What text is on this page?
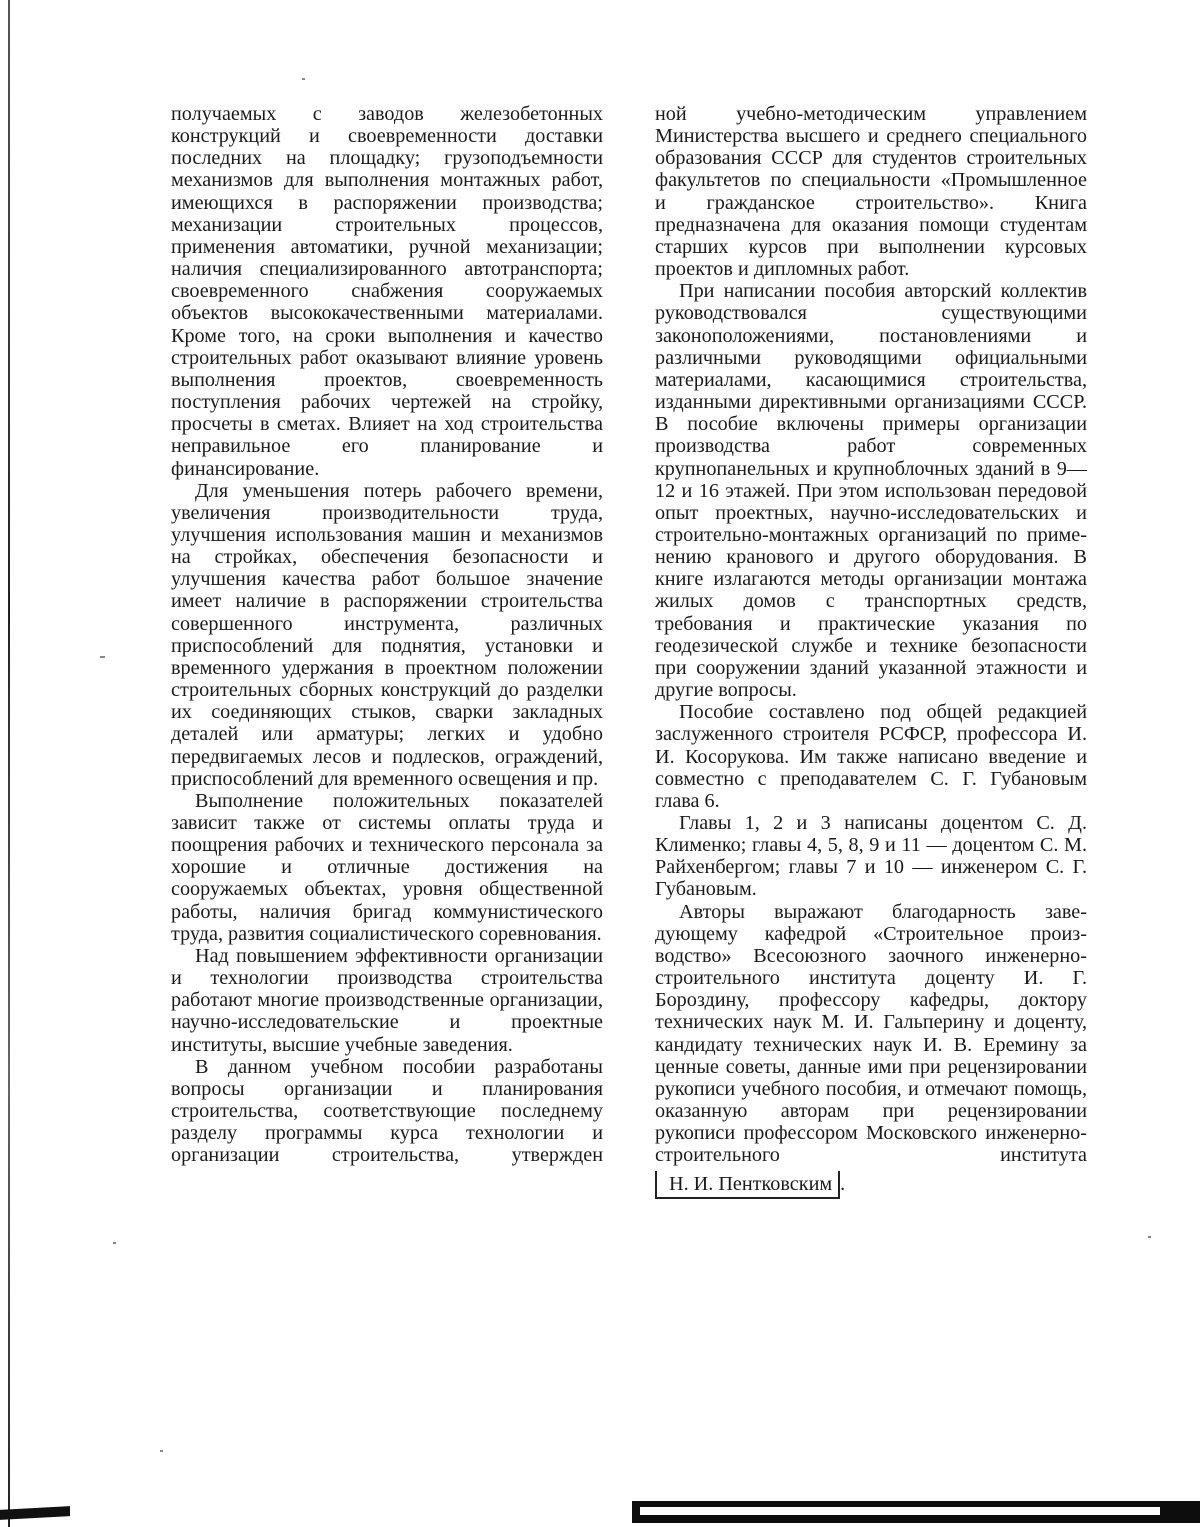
получаемых с заводов железобетонных конструкций и своевременности доставки последних на площадку; грузоподъемности механизмов для выполнения монтажных работ, имеющихся в распоряжении производства; механизации строительных процессов, применения автоматики, ручной механизации; наличия специализированного автотранспорта; своевременного снабжения сооружаемых объектов высококачественными материалами. Кроме того, на сроки выполнения и качество строительных работ оказывают влияние уровень выполнения проектов, своевременность поступления рабочих чертежей на стройку, просчеты в сметах. Влияет на ход строительства неправильное его планирование и финансирование.

Для уменьшения потерь рабочего времени, увеличения производительности труда, улучшения использования машин и механизмов на стройках, обеспечения безопасности и улучшения качества работ большое значение имеет наличие в распоряжении строительства совершенного инструмента, различных приспособлений для поднятия, установки и временного удержания в проектном положении строительных сборных конструкций до разделки их соединяющих стыков, сварки закладных деталей или арматуры; легких и удобно передвигаемых лесов и подлесков, ограждений, приспособлений для временного освещения и пр.

Выполнение положительных показателей зависит также от системы оплаты труда и поощрения рабочих и технического персонала за хорошие и отличные достижения на сооружаемых объектах, уровня общественной работы, наличия бригад коммунистического труда, развития социалистического соревнования.

Над повышением эффективности организации и технологии производства строительства работают многие производственные организации, научно-исследовательские и проектные институты, высшие учебные заведения.

В данном учебном пособии разработаны вопросы организации и планирования строительства, соответствующие последнему разделу программы курса технологии и организации строительства, утвержден

ной учебно-методическим управлением Министерства высшего и среднего специального образования СССР для студентов строительных факультетов по специальности «Промышленное и гражданское строительство». Книга предназначена для оказания помощи студентам старших курсов при выполнении курсовых проектов и дипломных работ.

При написании пособия авторский коллектив руководствовался существующими законоположениями, постановлениями и различными руководящими официальными материалами, касающимися строительства, изданными директивными организациями СССР. В пособие включены примеры организации производства работ современных крупнопанельных и крупноблочных зданий в 9—12 и 16 этажей. При этом использован передовой опыт проектных, научно-исследовательских и строительно-монтажных организаций по применению кранового и другого оборудования. В книге излагаются методы организации монтажа жилых домов с транспортных средств, требования и практические указания по геодезической службе и технике безопасности при сооружении зданий указанной этажности и другие вопросы.

Пособие составлено под общей редакцией заслуженного строителя РСФСР, профессора И. И. Косорукова. Им также написано введение и совместно с преподавателем С. Г. Губановым глава 6.

Главы 1, 2 и 3 написаны доцентом С. Д. Клименко; главы 4, 5, 8, 9 и 11 — доцентом С. М. Райхенбергом; главы 7 и 10 — инженером С. Г. Губановым.

Авторы выражают благодарность заведующему кафедрой «Строительное производство» Всесоюзного заочного инженерно-строительного института доценту И. Г. Бороздину, профессору кафедры, доктору технических наук М. И. Гальперину и доценту, кандидату технических наук И. В. Еремину за ценные советы, данные ими при рецензировании рукописи учебного пособия, и отмечают помощь, оказанную авторам при рецензировании рукописи профессором Московского инженерно-строительного института

Н. И. Пентковским .
